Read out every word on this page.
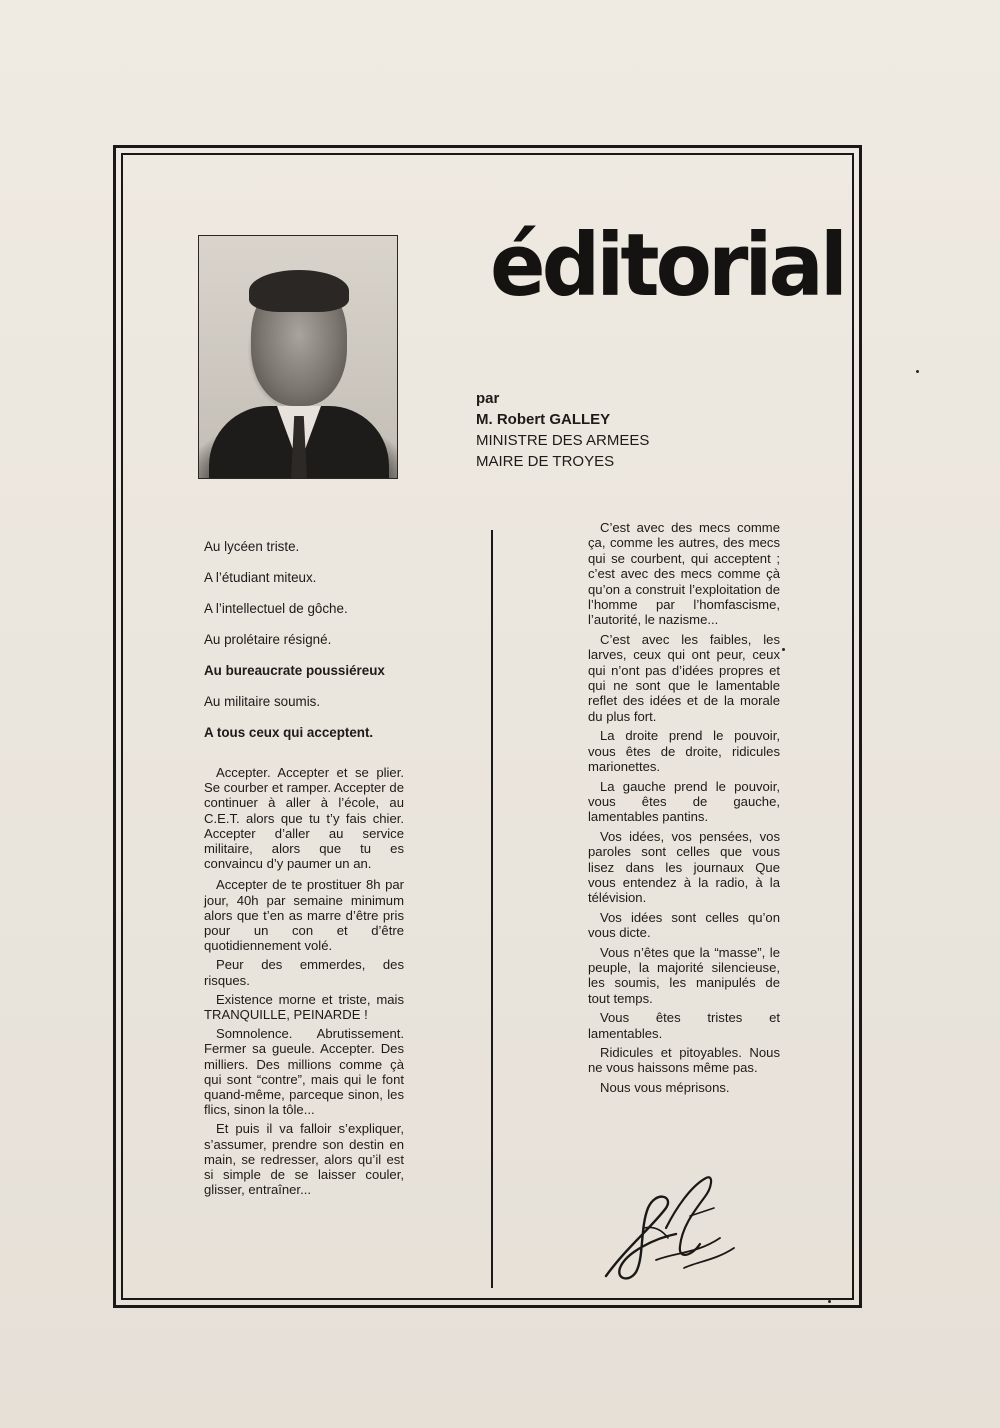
éditorial
par
M. Robert GALLEY
MINISTRE DES ARMEES
MAIRE DE TROYES
Au lycéen triste.
A l’étudiant miteux.
A l’intellectuel de gôche.
Au prolétaire résigné.
Au bureaucrate poussiéreux
Au militaire soumis.
A tous ceux qui acceptent.

Accepter. Accepter et se plier. Se courber et ramper. Accepter de continuer à aller à l’école, au C.E.T. alors que tu t’y fais chier. Accepter d’aller au service militaire, alors que tu es convaincu d’y paumer un an.

Accepter de te prostituer 8h par jour, 40h par semaine minimum alors que t’en as marre d’être pris pour un con et d’être quotidiennement volé.

Peur des emmerdes, des risques.

Existence morne et triste, mais TRANQUILLE, PEINARDE !

Somnolence. Abrutissement. Fermer sa gueule. Accepter. Des milliers. Des millions comme çà qui sont “contre”, mais qui le font quand-même, parceque sinon, les flics, sinon la tôle...

Et puis il va falloir s’expliquer, s’assumer, prendre son destin en main, se redresser, alors qu’il est si simple de se laisser couler, glisser, entraîner...

C’est avec des mecs comme ça, comme les autres, des mecs qui se courbent, qui acceptent ; c’est avec des mecs comme çà qu’on a construit l’exploitation de l’homme par l’homfascisme, l’autorité, le nazisme...

C’est avec les faibles, les larves, ceux qui ont peur, ceux qui n’ont pas d’idées propres et qui ne sont que le lamentable reflet des idées et de la morale du plus fort.

La droite prend le pouvoir, vous êtes de droite, ridicules marionettes.

La gauche prend le pouvoir, vous êtes de gauche, lamentables pantins.

Vos idées, vos pensées, vos paroles sont celles que vous lisez dans les journaux Que vous entendez à la radio, à la télévision.

Vos idées sont celles qu’on vous dicte.

Vous n’êtes que la “masse”, le peuple, la majorité silencieuse, les soumis, les manipulés de tout temps.

Vous êtes tristes et lamentables.

Ridicules et pitoyables. Nous ne vous haissons même pas.

Nous vous méprisons.
